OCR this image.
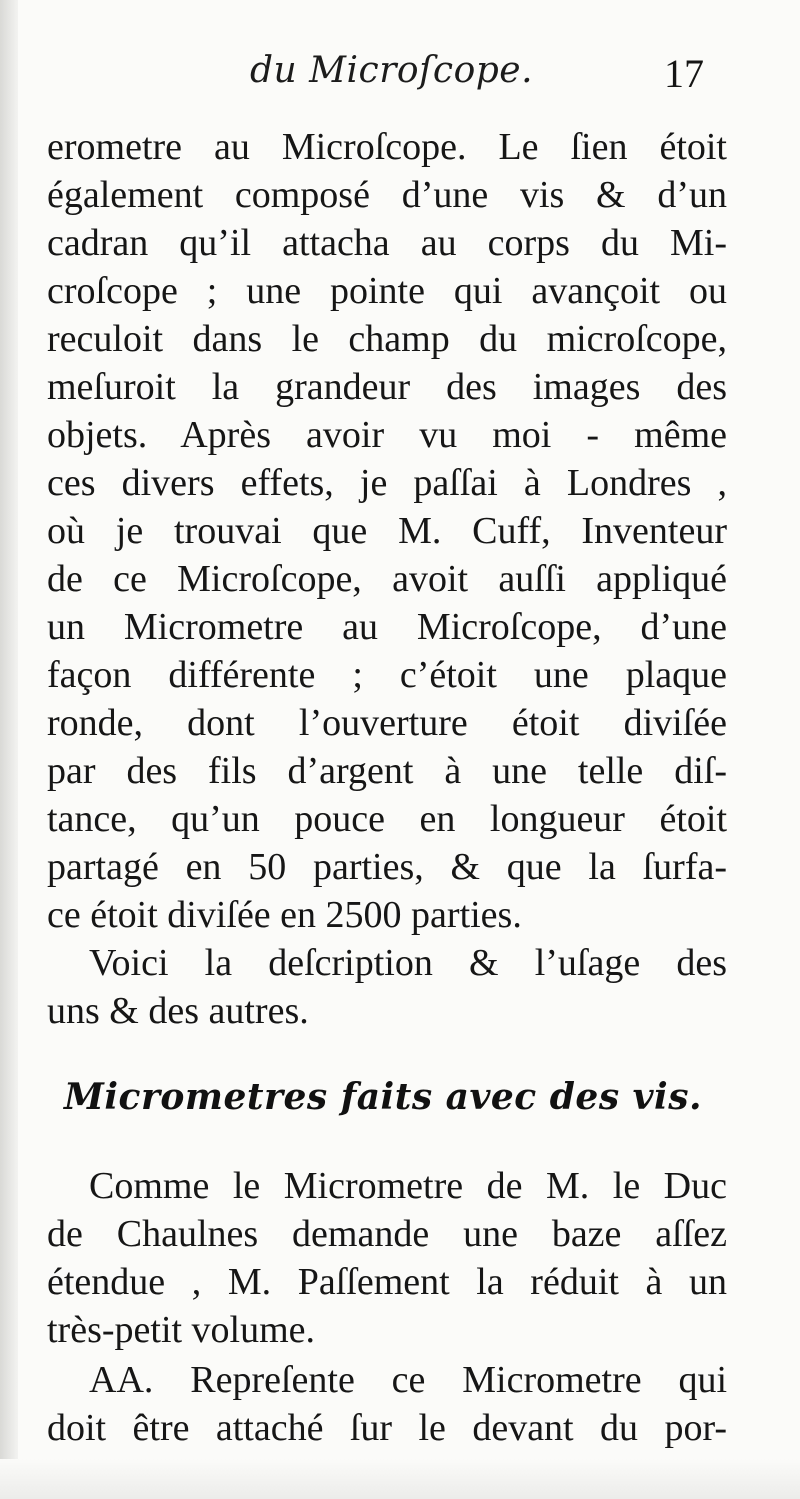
du Microſcope.	17
erometre au Microſcope. Le ſien étoit
également composé d’une vis & d’un
cadran qu’il attacha au corps du Mi-
croſcope ; une pointe qui avançoit ou
reculoit dans le champ du microſcope,
meſuroit la grandeur des images des
objets. Après avoir vu moi - même
ces divers effets, je paſſai à Londres ,
où je trouvai que M. Cuff, Inventeur
de ce Microſcope, avoit auſſi appliqué
un Micrometre au Microſcope, d’une
façon différente ; c’étoit une plaque
ronde, dont l’ouverture étoit diviſée
par des fils d’argent à une telle diſ-
tance, qu’un pouce en longueur étoit
partagé en 50 parties, & que la ſurfa-
ce étoit diviſée en 2500 parties.
Voici la deſcription & l’uſage des
uns & des autres.
Micrometres faits avec des vis.
Comme le Micrometre de M. le Duc
de Chaulnes demande une baze aſſez
étendue , M. Paſſement la réduit à un
très-petit volume.
AA. Repreſente ce Micrometre qui
doit être attaché ſur le devant du por-
